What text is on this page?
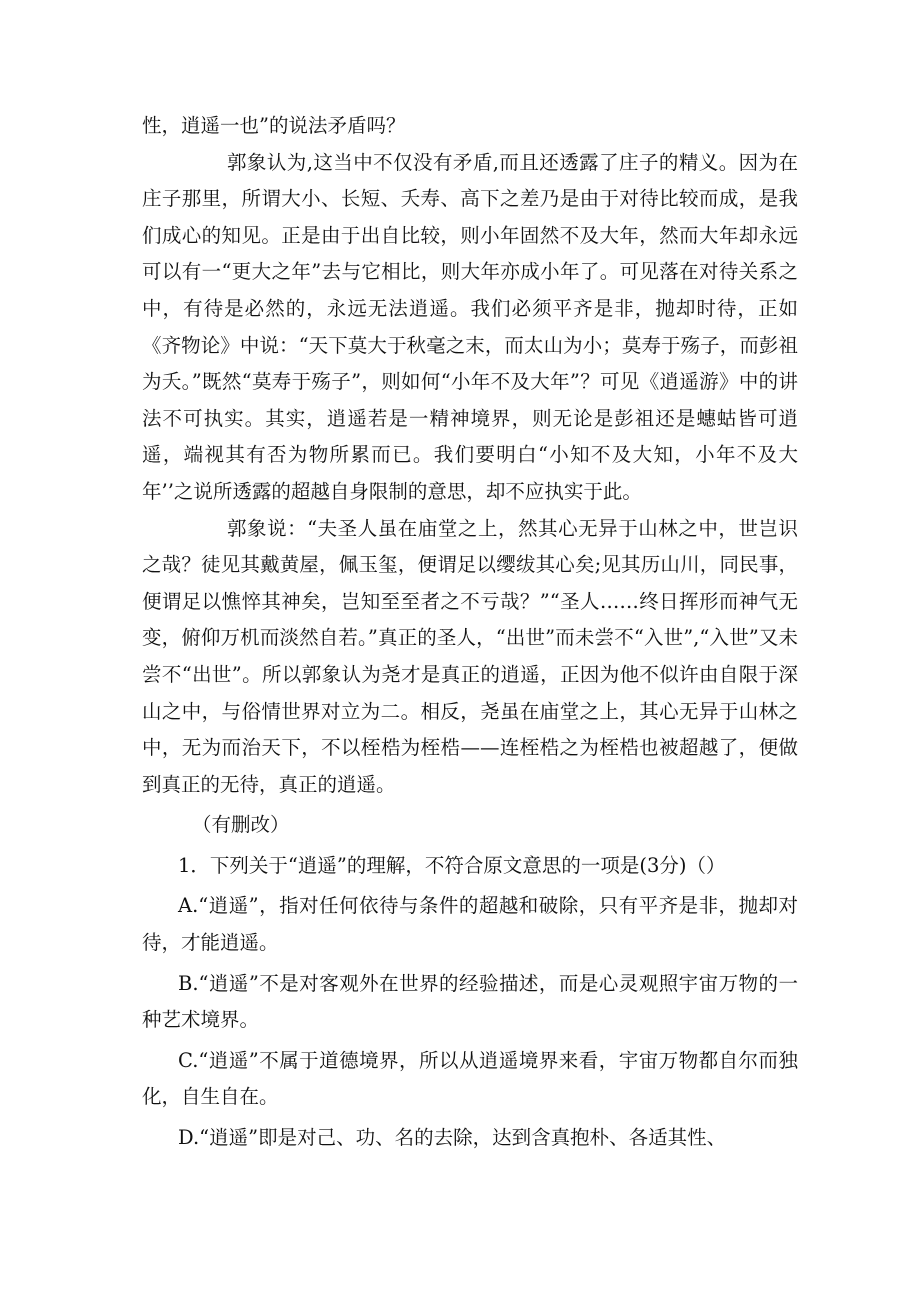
性，逍遥一也”的说法矛盾吗？

郭象认为,这当中不仅没有矛盾,而且还透露了庄子的精义。因为在庄子那里，所谓大小、长短、夭寿、高下之差乃是由于对待比较而成，是我们成心的知见。正是由于出自比较，则小年固然不及大年，然而大年却永远可以有一“更大之年”去与它相比，则大年亦成小年了。可见落在对待关系之中，有待是必然的，永远无法逍遥。我们必须平齐是非，抛却时待，正如《齐物论》中说：“天下莫大于秋毫之末，而太山为小；莫寿于殇子，而彭祖为夭。”既然“莫寿于殇子”，则如何“小年不及大年”？可见《逍遥游》中的讲法不可执实。其实，逍遥若是一精神境界，则无论是彭祖还是蟪蛄皆可逍遥，端视其有否为物所累而已。我们要明白“小知不及大知，小年不及大年’’之说所透露的超越自身限制的意思，却不应执实于此。

郭象说：“夫圣人虽在庙堂之上，然其心无异于山林之中，世岂识之哉？徒见其戴黄屋，佩玉玺，便谓足以缨绂其心矣;见其历山川，同民事，便谓足以憔悴其神矣，岂知至至者之不亏哉？”“圣人……终日挥形而神气无变，俯仰万机而淡然自若。”真正的圣人，“出世”而未尝不“入世”,“入世”又未尝不“出世”。所以郭象认为尧才是真正的逍遥，正因为他不似许由自限于深山之中，与俗情世界对立为二。相反，尧虽在庙堂之上，其心无异于山林之中，无为而治天下，不以桎梏为桎梏——连桎梏之为桎梏也被超越了，便做到真正的无待，真正的逍遥。

（有删改）

1．下列关于“逍遥”的理解，不符合原文意思的一项是(3分)（）

A.“逍遥”，指对任何依待与条件的超越和破除，只有平齐是非，抛却对待，才能逍遥。

B.“逍遥”不是对客观外在世界的经验描述，而是心灵观照宇宙万物的一种艺术境界。

C.“逍遥”不属于道德境界，所以从逍遥境界来看，宇宙万物都自尔而独化，自生自在。

D.“逍遥”即是对己、功、名的去除，达到含真抱朴、各适其性、
